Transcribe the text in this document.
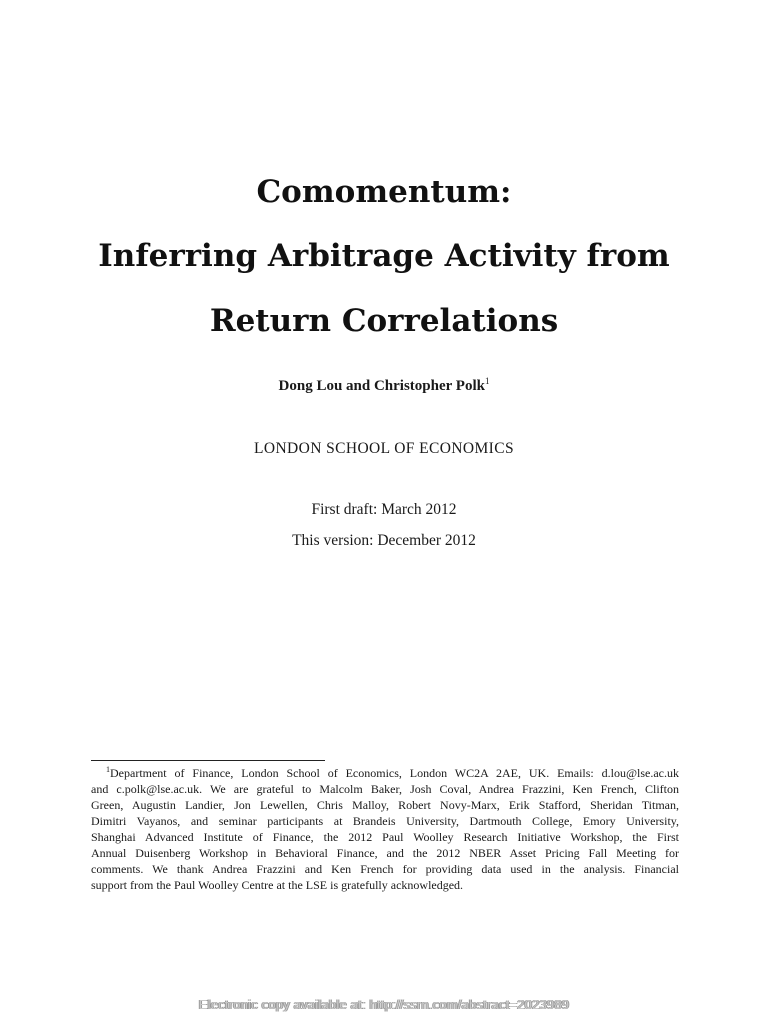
Comomentum:
Inferring Arbitrage Activity from
Return Correlations
Dong Lou and Christopher Polk$^1$
LONDON SCHOOL OF ECONOMICS
First draft: March 2012
This version: December 2012
$^1$Department of Finance, London School of Economics, London WC2A 2AE, UK. Emails: d.lou@lse.ac.uk
and c.polk@lse.ac.uk. We are grateful to Malcolm Baker, Josh Coval, Andrea Frazzini, Ken French, Clifton
Green, Augustin Landier, Jon Lewellen, Chris Malloy, Robert Novy-Marx, Erik Stafford, Sheridan Titman,
Dimitri Vayanos, and seminar participants at Brandeis University, Dartmouth College, Emory University,
Shanghai Advanced Institute of Finance, the 2012 Paul Woolley Research Initiative Workshop, the First
Annual Duisenberg Workshop in Behavioral Finance, and the 2012 NBER Asset Pricing Fall Meeting for
comments. We thank Andrea Frazzini and Ken French for providing data used in the analysis. Financial
support from the Paul Woolley Centre at the LSE is gratefully acknowledged.
Electronic copy available at: http://ssrn.com/abstract=2023989
